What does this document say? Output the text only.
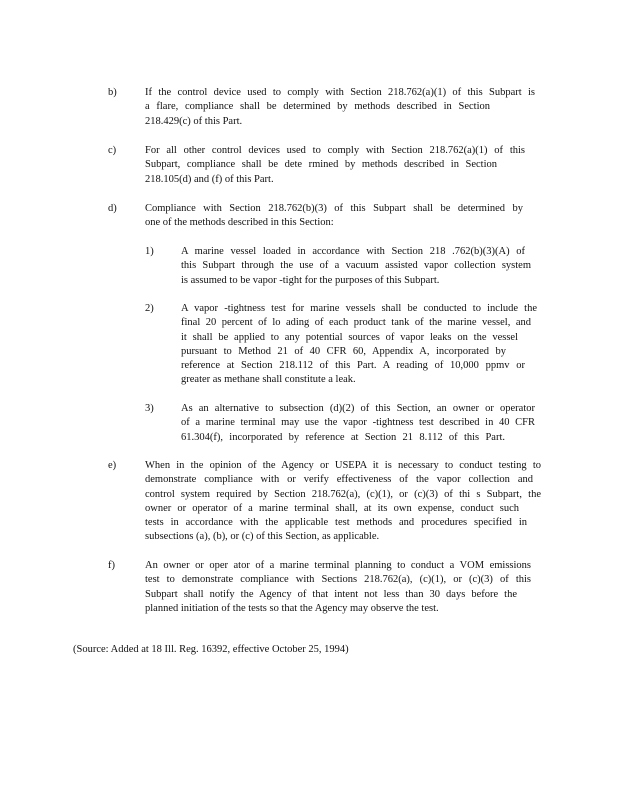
b)	If the control device used to comply with Section 218.762(a)(1) of this Subpart is
a flare, compliance shall be determined by methods described in Section
218.429(c) of this Part.
c)	For all other control devices used to comply with Section 218.762(a)(1) of this
Subpart, compliance shall be dete rmined by methods described in Section
218.105(d) and (f) of this Part.
d)	Compliance with Section 218.762(b)(3) of this Subpart shall be determined by
one of the methods described in this Section:
1)	A marine vessel loaded in accordance with Section 218 .762(b)(3)(A) of
this Subpart through the use of a vacuum assisted vapor collection system
is assumed to be vapor -tight for the purposes of this Subpart.
2)	A vapor -tightness test for marine vessels shall be conducted to include the
final 20 percent of lo ading of each product tank of the marine vessel, and
it shall be applied to any potential sources of vapor leaks on the vessel
pursuant to Method 21 of 40 CFR 60, Appendix A, incorporated by
reference at Section 218.112 of this Part. A reading of 10,000 ppmv or
greater as methane shall constitute a leak.
3)	As an alternative to subsection (d)(2) of this Section, an owner or operator
of a marine terminal may use the vapor -tightness test described in 40 CFR
61.304(f), incorporated by reference at Section 21 8.112 of this Part.
e)	When in the opinion of the Agency or USEPA it is necessary to conduct testing to
demonstrate compliance with or verify effectiveness of the vapor collection and
control system required by Section 218.762(a), (c)(1), or (c)(3) of thi s Subpart, the
owner or operator of a marine terminal shall, at its own expense, conduct such
tests in accordance with the applicable test methods and procedures specified in
subsections (a), (b), or (c) of this Section, as applicable.
f)	An owner or oper ator of a marine terminal planning to conduct a VOM emissions
test to demonstrate compliance with Sections 218.762(a), (c)(1), or (c)(3) of this
Subpart shall notify the Agency of that intent not less than 30 days before the
planned initiation of the tests so that the Agency may observe the test.
(Source: Added at 18 Ill. Reg. 16392, effective October 25, 1994)
